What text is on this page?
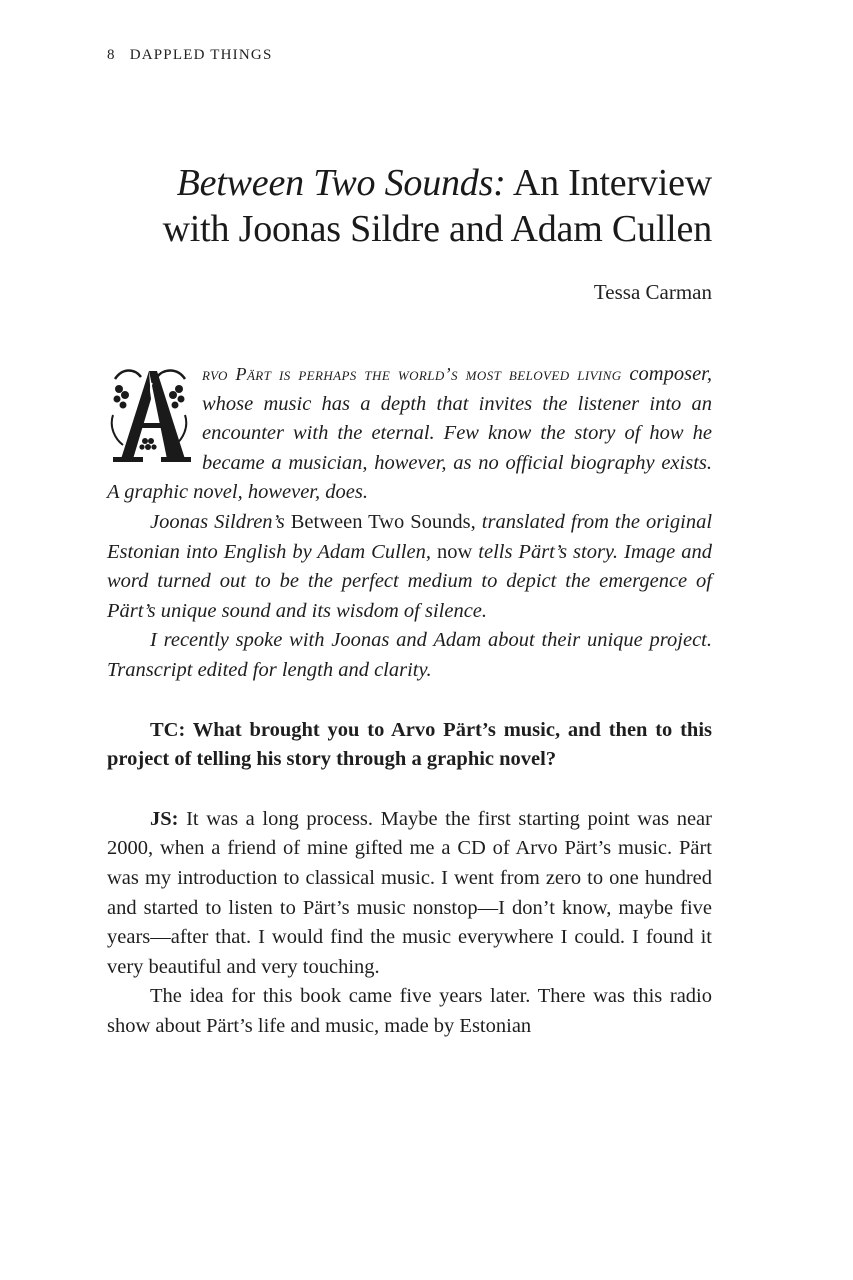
8 DAPPLED THINGS
Between Two Sounds: An Interview
with Joonas Sildre and Adam Cullen
Tessa Carman

rvo Pärt is perhaps the world’s most beloved living composer, whose music has a depth that invites the listener into an encounter with the eternal. Few know the story of how he became a musician, however, as no official biography exists. A graphic novel, however, does.

Joonas Sildren’s Between Two Sounds, translated from the original Estonian into English by Adam Cullen, now tells Pärt’s story. Image and word turned out to be the perfect medium to depict the emergence of Pärt’s unique sound and its wisdom of silence.

I recently spoke with Joonas and Adam about their unique project. Transcript edited for length and clarity.

TC: What brought you to Arvo Pärt’s music, and then to this project of telling his story through a graphic novel?

JS: It was a long process. Maybe the first starting point was near 2000, when a friend of mine gifted me a CD of Arvo Pärt’s music. Pärt was my introduction to classical music. I went from zero to one hundred and started to listen to Pärt’s music nonstop—I don’t know, maybe five years—after that. I would find the music everywhere I could. I found it very beautiful and very touching.

The idea for this book came five years later. There was this radio show about Pärt’s life and music, made by Estonian
